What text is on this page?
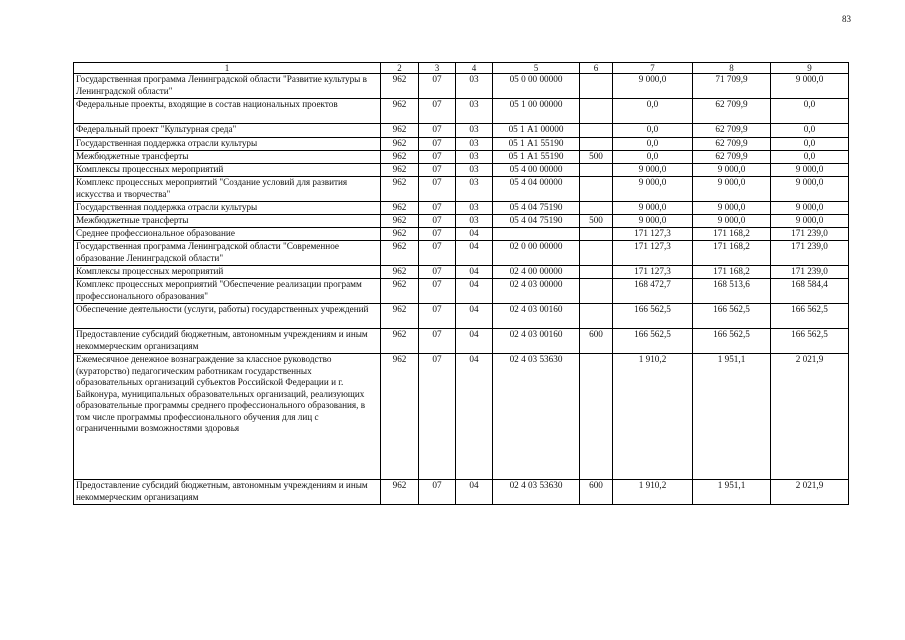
83
1	2	3	4	5	6	7	8	9
Государственная программа Ленинградской области "Развитие культуры в Ленинградской области"	962	07	03	05 0 00 00000		9 000,0	71 709,9	9 000,0
Федеральные проекты, входящие в состав национальных проектов	962	07	03	05 1 00 00000		0,0	62 709,9	0,0
Федеральный проект "Культурная среда"	962	07	03	05 1 А1 00000		0,0	62 709,9	0,0
Государственная поддержка отрасли культуры	962	07	03	05 1 А1 55190		0,0	62 709,9	0,0
Межбюджетные трансферты	962	07	03	05 1 А1 55190	500	0,0	62 709,9	0,0
Комплексы процессных мероприятий	962	07	03	05 4 00 00000		9 000,0	9 000,0	9 000,0
Комплекс процессных мероприятий "Создание условий для развития искусства и творчества"	962	07	03	05 4 04 00000		9 000,0	9 000,0	9 000,0
Государственная поддержка отрасли культуры	962	07	03	05 4 04 75190		9 000,0	9 000,0	9 000,0
Межбюджетные трансферты	962	07	03	05 4 04 75190	500	9 000,0	9 000,0	9 000,0
Среднее профессиональное образование	962	07	04			171 127,3	171 168,2	171 239,0
Государственная программа Ленинградской области "Современное образование Ленинградской области"	962	07	04	02 0 00 00000		171 127,3	171 168,2	171 239,0
Комплексы процессных мероприятий	962	07	04	02 4 00 00000		171 127,3	171 168,2	171 239,0
Комплекс процессных мероприятий "Обеспечение реализации программ профессионального образования"	962	07	04	02 4 03 00000		168 472,7	168 513,6	168 584,4
Обеспечение деятельности (услуги, работы) государственных учреждений	962	07	04	02 4 03 00160		166 562,5	166 562,5	166 562,5
Предоставление субсидий бюджетным, автономным учреждениям и иным некоммерческим организациям	962	07	04	02 4 03 00160	600	166 562,5	166 562,5	166 562,5
Ежемесячное денежное вознаграждение за классное руководство (кураторство) педагогическим работникам государственных образовательных организаций субъектов Российской Федерации и г. Байконура, муниципальных образовательных организаций, реализующих образовательные программы среднего профессионального образования, в том числе программы профессионального обучения для лиц с ограниченными возможностями здоровья	962	07	04	02 4 03 53630		1 910,2	1 951,1	2 021,9
Предоставление субсидий бюджетным, автономным учреждениям и иным некоммерческим организациям	962	07	04	02 4 03 53630	600	1 910,2	1 951,1	2 021,9
